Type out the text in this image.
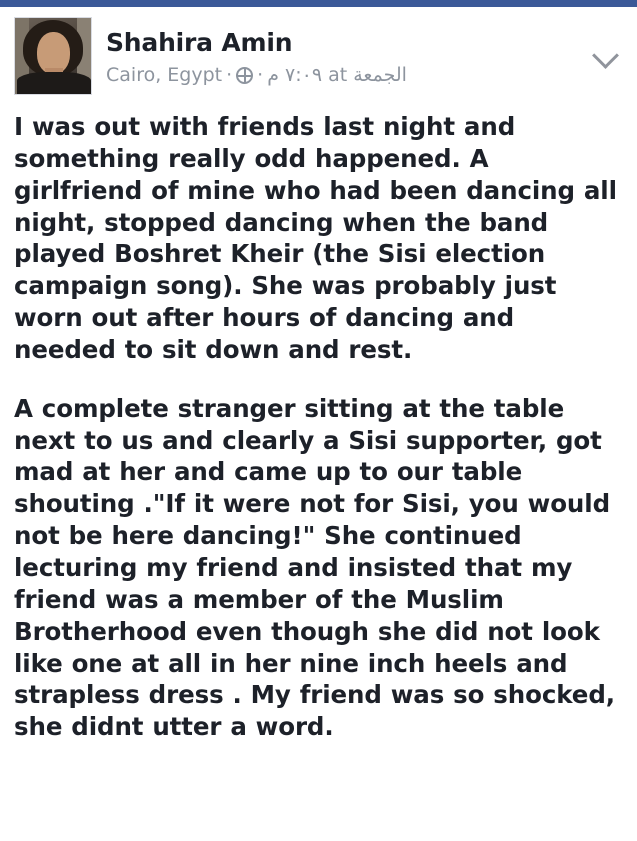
Shahira Amin
Cairo, Egypt · · الجمعة at ٧:٠٩ م

I was out with friends last night and something really odd happened. A girlfriend of mine who had been dancing all night, stopped dancing when the band played Boshret Kheir (the Sisi election campaign song). She was probably just worn out after hours of dancing and needed to sit down and rest.

A complete stranger sitting at the table next to us and clearly a Sisi supporter, got mad at her and came up to our table shouting ."If it were not for Sisi, you would not be here dancing!" She continued lecturing my friend and insisted that my friend was a member of the Muslim Brotherhood even though she did not look like one at all in her nine inch heels and strapless dress . My friend was so shocked, she didnt utter a word.
